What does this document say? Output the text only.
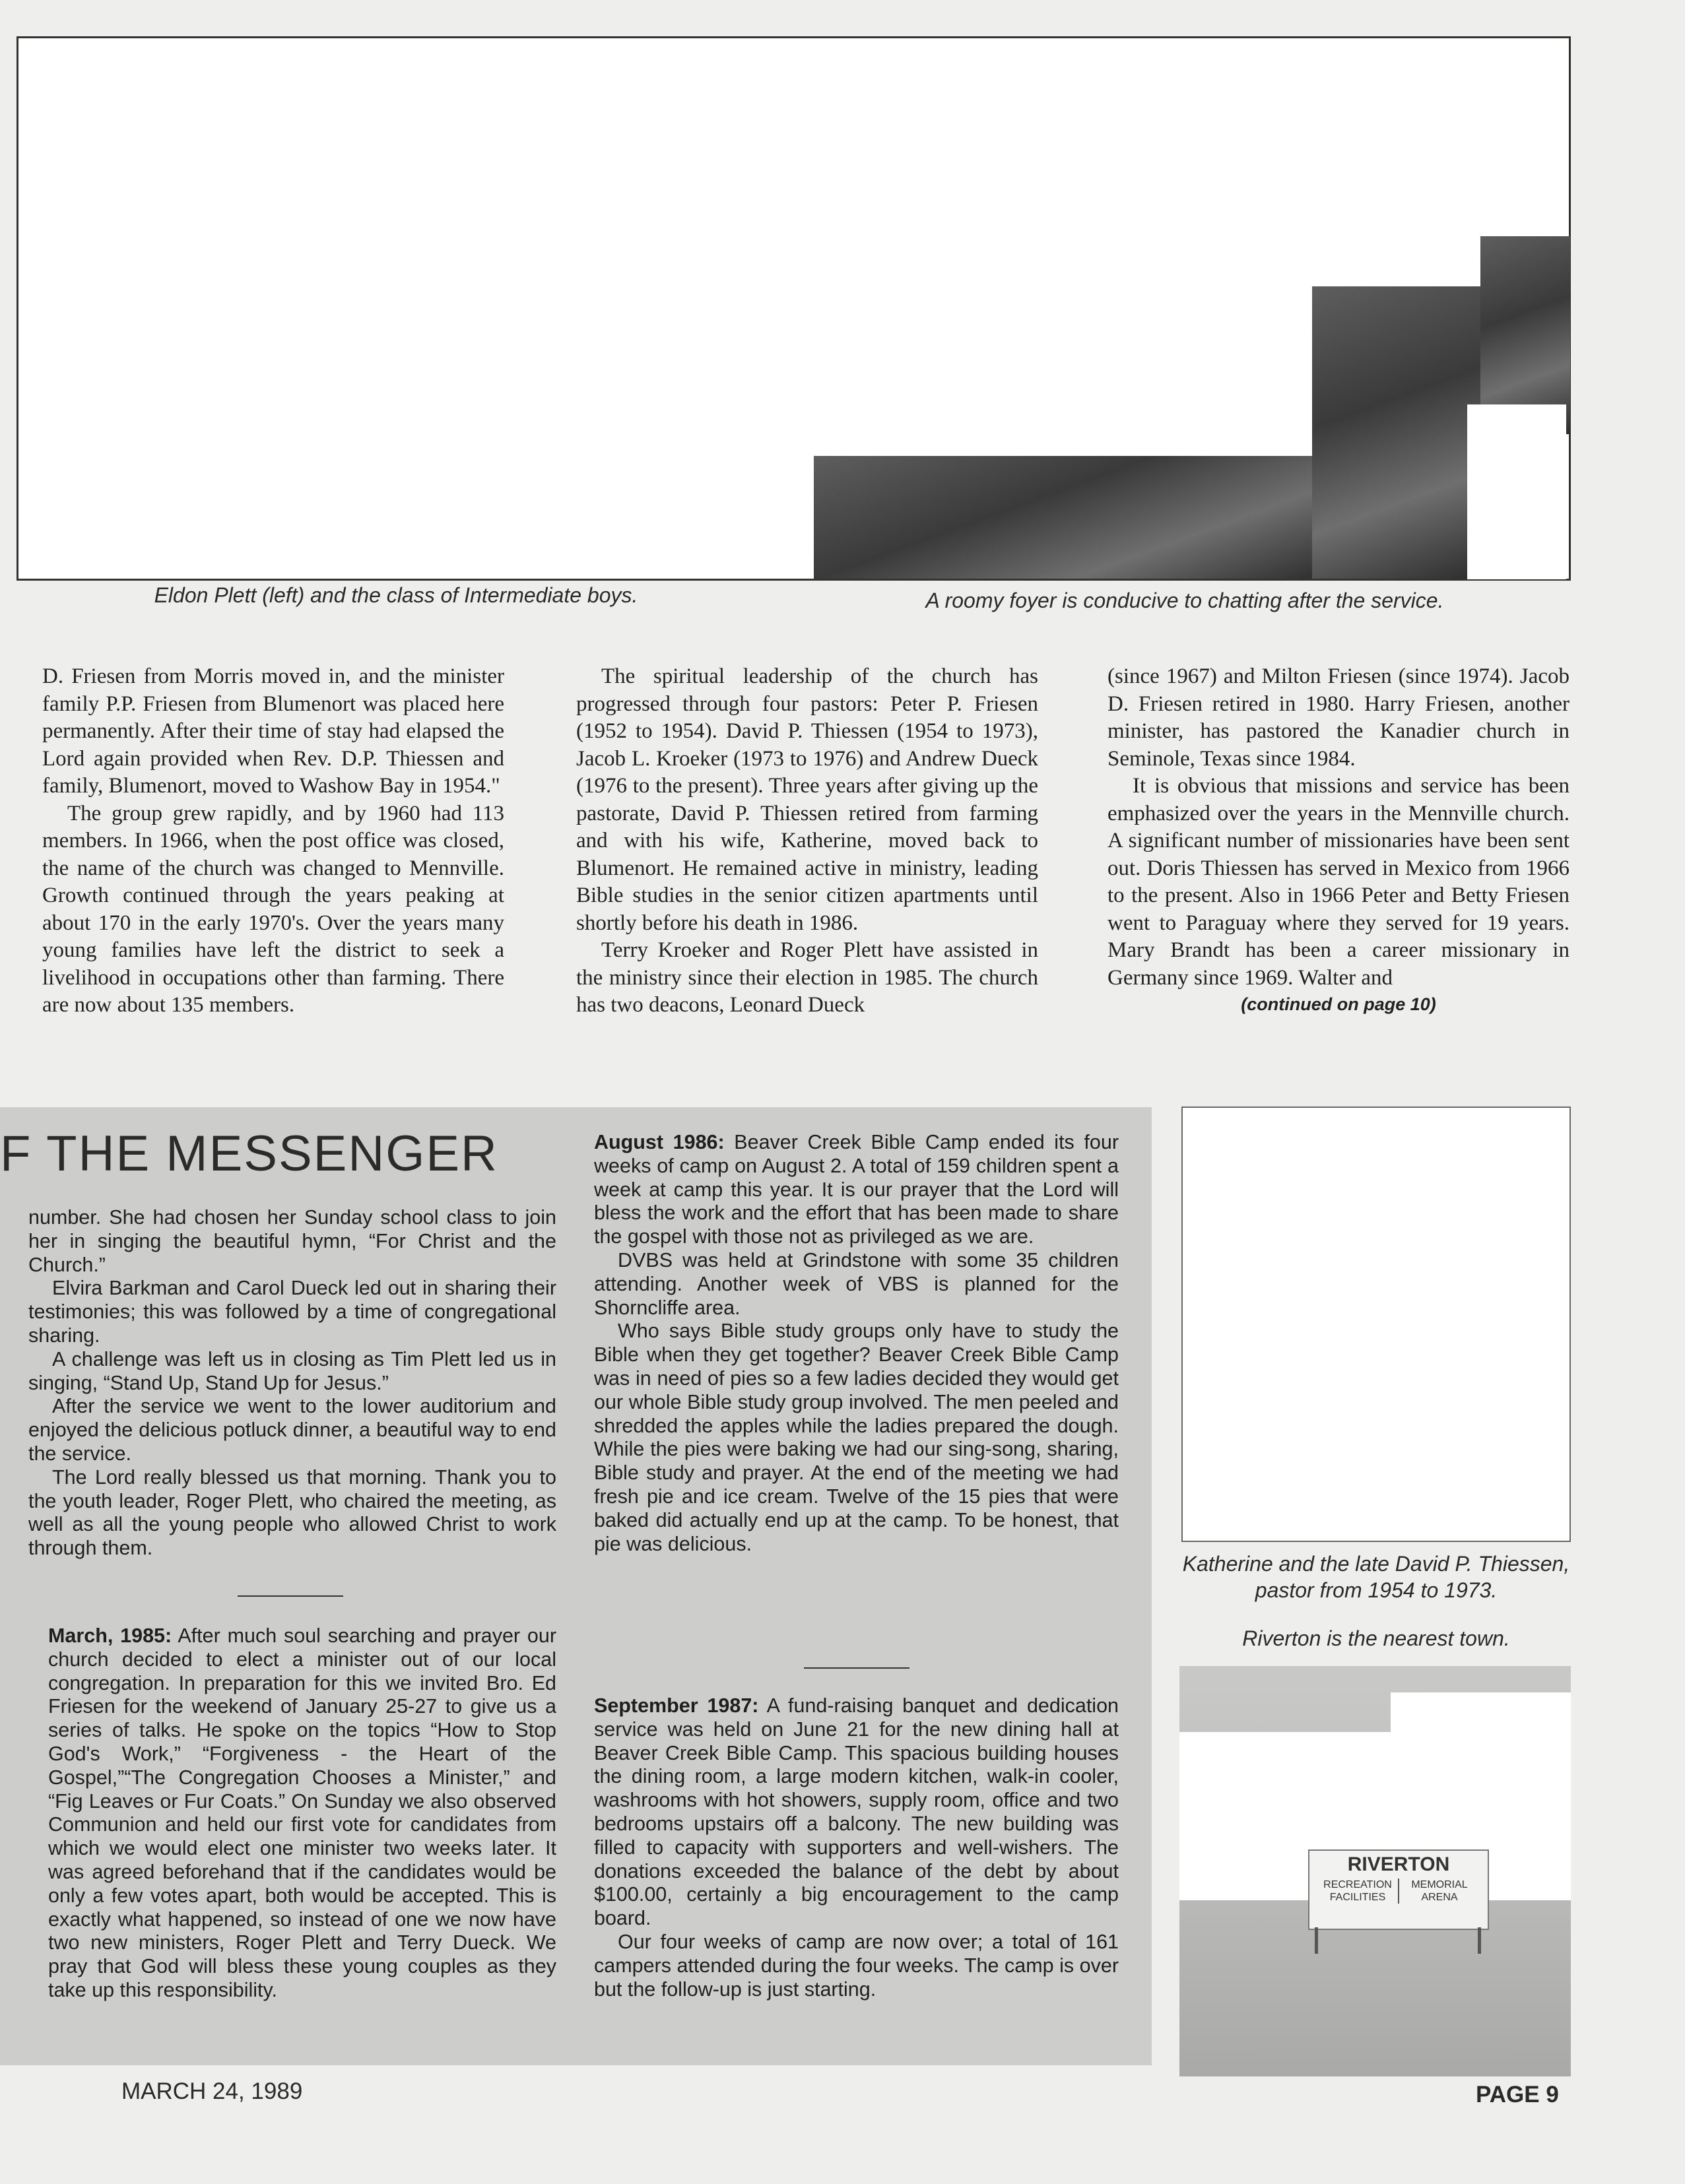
Eldon Plett (left) and the class of Intermediate boys.	A roomy foyer is conducive to chatting after the service.

D. Friesen from Morris moved in, and the minister family P.P. Friesen from Blumenort was placed here permanently. After their time of stay had elapsed the Lord again provided when Rev. D.P. Thiessen and family, Blumenort, moved to Washow Bay in 1954."

The group grew rapidly, and by 1960 had 113 members. In 1966, when the post office was closed, the name of the church was changed to Mennville. Growth continued through the years peaking at about 170 in the early 1970's. Over the years many young families have left the district to seek a livelihood in occupations other than farming. There are now about 135 members.

The spiritual leadership of the church has progressed through four pastors: Peter P. Friesen (1952 to 1954). David P. Thiessen (1954 to 1973), Jacob L. Kroeker (1973 to 1976) and Andrew Dueck (1976 to the present). Three years after giving up the pastorate, David P. Thiessen retired from farming and with his wife, Katherine, moved back to Blumenort. He remained active in ministry, leading Bible studies in the senior citizen apartments until shortly before his death in 1986.

Terry Kroeker and Roger Plett have assisted in the ministry since their election in 1985. The church has two deacons, Leonard Dueck

(since 1967) and Milton Friesen (since 1974). Jacob D. Friesen retired in 1980. Harry Friesen, another minister, has pastored the Kanadier church in Seminole, Texas since 1984.

It is obvious that missions and service has been emphasized over the years in the Mennville church. A significant number of missionaries have been sent out. Doris Thiessen has served in Mexico from 1966 to the present. Also in 1966 Peter and Betty Friesen went to Paraguay where they served for 19 years. Mary Brandt has been a career missionary in Germany since 1969. Walter and

(continued on page 10)
F THE MESSENGER

number. She had chosen her Sunday school class to join her in singing the beautiful hymn, “For Christ and the Church.”

Elvira Barkman and Carol Dueck led out in sharing their testimonies; this was followed by a time of congregational sharing.

A challenge was left us in closing as Tim Plett led us in singing, “Stand Up, Stand Up for Jesus.”

After the service we went to the lower auditorium and enjoyed the delicious potluck dinner, a beautiful way to end the service.

The Lord really blessed us that morning. Thank you to the youth leader, Roger Plett, who chaired the meeting, as well as all the young people who allowed Christ to work through them.

March, 1985: After much soul searching and prayer our church decided to elect a minister out of our local congregation. In preparation for this we invited Bro. Ed Friesen for the weekend of January 25-27 to give us a series of talks. He spoke on the topics “How to Stop God's Work,” “Forgiveness - the Heart of the Gospel,”“The Congregation Chooses a Minister,” and “Fig Leaves or Fur Coats.” On Sunday we also observed Communion and held our first vote for candidates from which we would elect one minister two weeks later. It was agreed beforehand that if the candidates would be only a few votes apart, both would be accepted. This is exactly what happened, so instead of one we now have two new ministers, Roger Plett and Terry Dueck. We pray that God will bless these young couples as they take up this responsibility.

August 1986: Beaver Creek Bible Camp ended its four weeks of camp on August 2. A total of 159 children spent a week at camp this year. It is our prayer that the Lord will bless the work and the effort that has been made to share the gospel with those not as privileged as we are.

DVBS was held at Grindstone with some 35 children attending. Another week of VBS is planned for the Shorncliffe area.

Who says Bible study groups only have to study the Bible when they get together? Beaver Creek Bible Camp was in need of pies so a few ladies decided they would get our whole Bible study group involved. The men peeled and shredded the apples while the ladies prepared the dough. While the pies were baking we had our sing-song, sharing, Bible study and prayer. At the end of the meeting we had fresh pie and ice cream. Twelve of the 15 pies that were baked did actually end up at the camp. To be honest, that pie was delicious.

September 1987: A fund-raising banquet and dedication service was held on June 21 for the new dining hall at Beaver Creek Bible Camp. This spacious building houses the dining room, a large modern kitchen, walk-in cooler, washrooms with hot showers, supply room, office and two bedrooms upstairs off a balcony. The new building was filled to capacity with supporters and well-wishers. The donations exceeded the balance of the debt by about $100.00, certainly a big encouragement to the camp board.

Our four weeks of camp are now over; a total of 161 campers attended during the four weeks. The camp is over but the follow-up is just starting.

Katherine and the late David P. Thiessen, pastor from 1954 to 1973.
Riverton is the nearest town.
RIVERTON
RECREATION FACILITIES
MEMORIAL ARENA
MARCH 24, 1989	PAGE 9
